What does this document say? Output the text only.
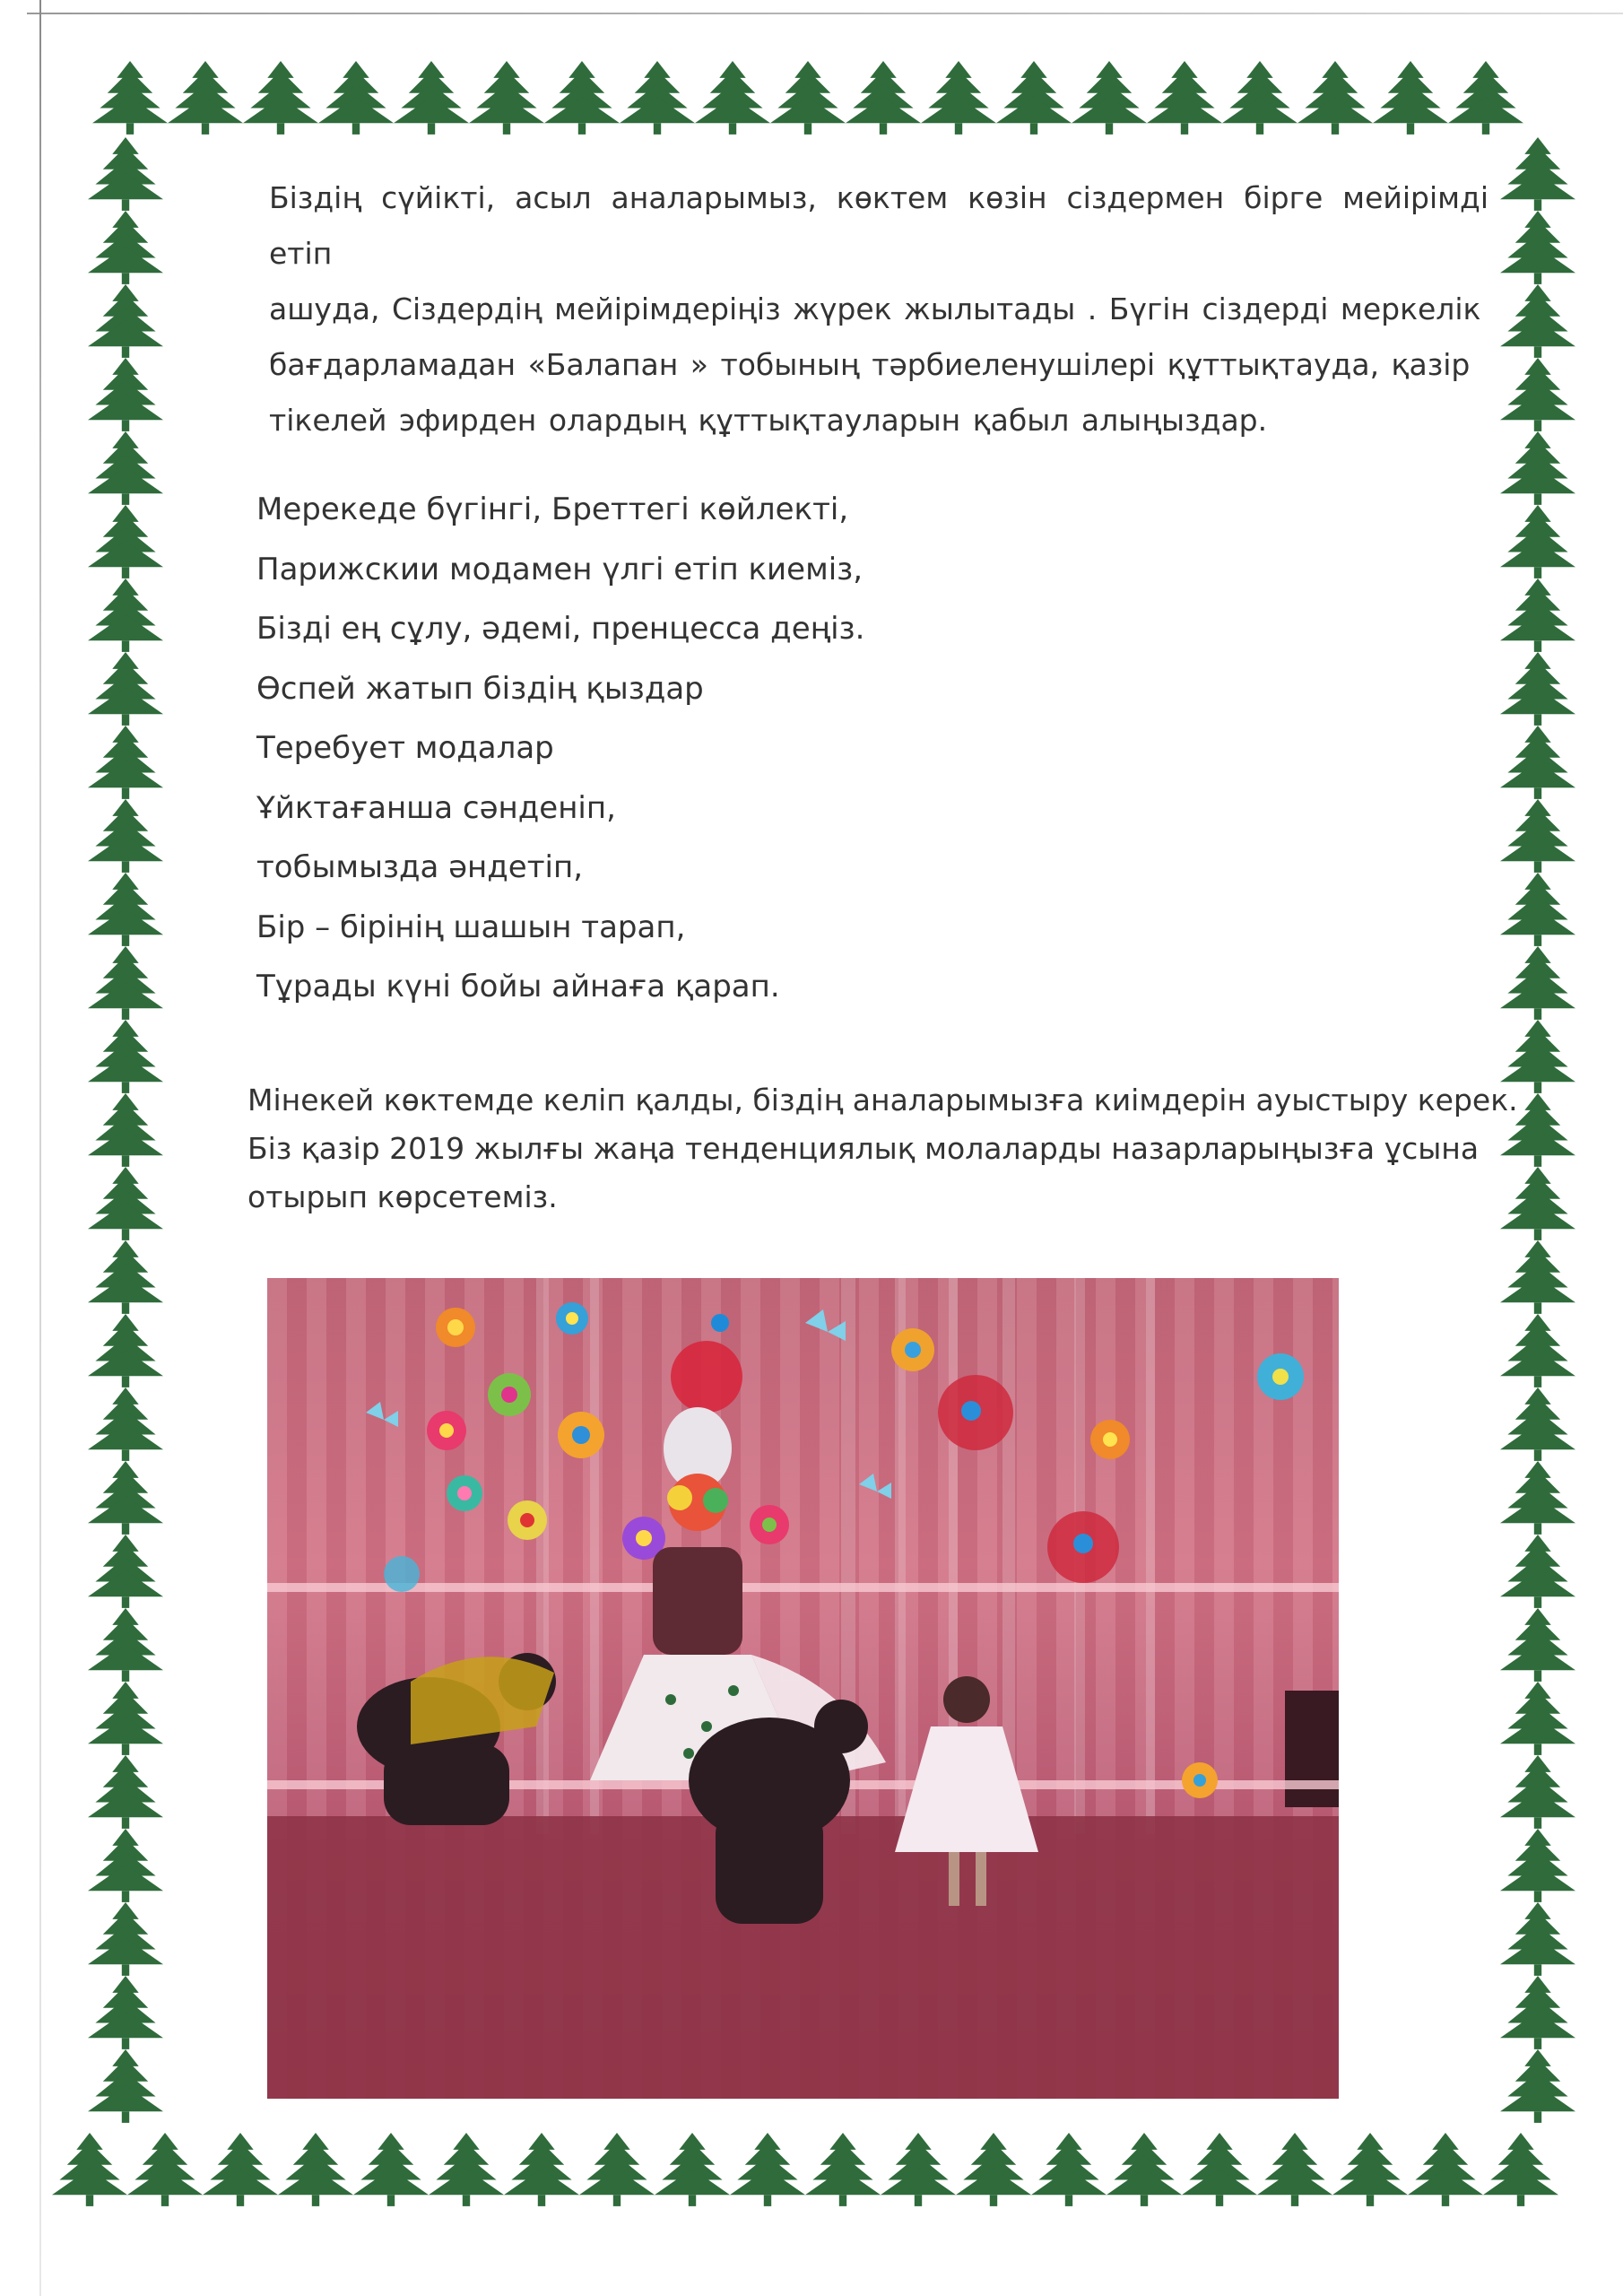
Біздің сүйікті, асыл аналарымыз, көктем көзін сіздермен бірге мейірімді етіп
ашуда, Сіздердің мейірімдеріңіз жүрек жылытады . Бүгін сіздерді меркелік
бағдарламадан «Балапан » тобының тәрбиеленушілері құттықтауда, қазір
тікелей эфирден олардың құттықтауларын қабыл алыңыздар.
Мерекеде бүгінгі, Бреттегі көйлекті,
Парижскии модамен үлгі етіп киеміз,
Бізді ең сұлу, әдемі, пренцесса деңіз.
Өспей жатып біздің қыздар
Теребует модалар
Ұйктағанша сәнденіп,
тобымызда әндетіп,
Бір – бірінің шашын тарап,
Тұрады күні бойы айнаға қарап.
Мінекей көктемде келіп қалды, біздің аналарымызға киімдерін ауыстыру керек.
Біз қазір 2019 жылғы жаңа тенденциялық молаларды назарларыңызға ұсына
отырып көрсетеміз.
